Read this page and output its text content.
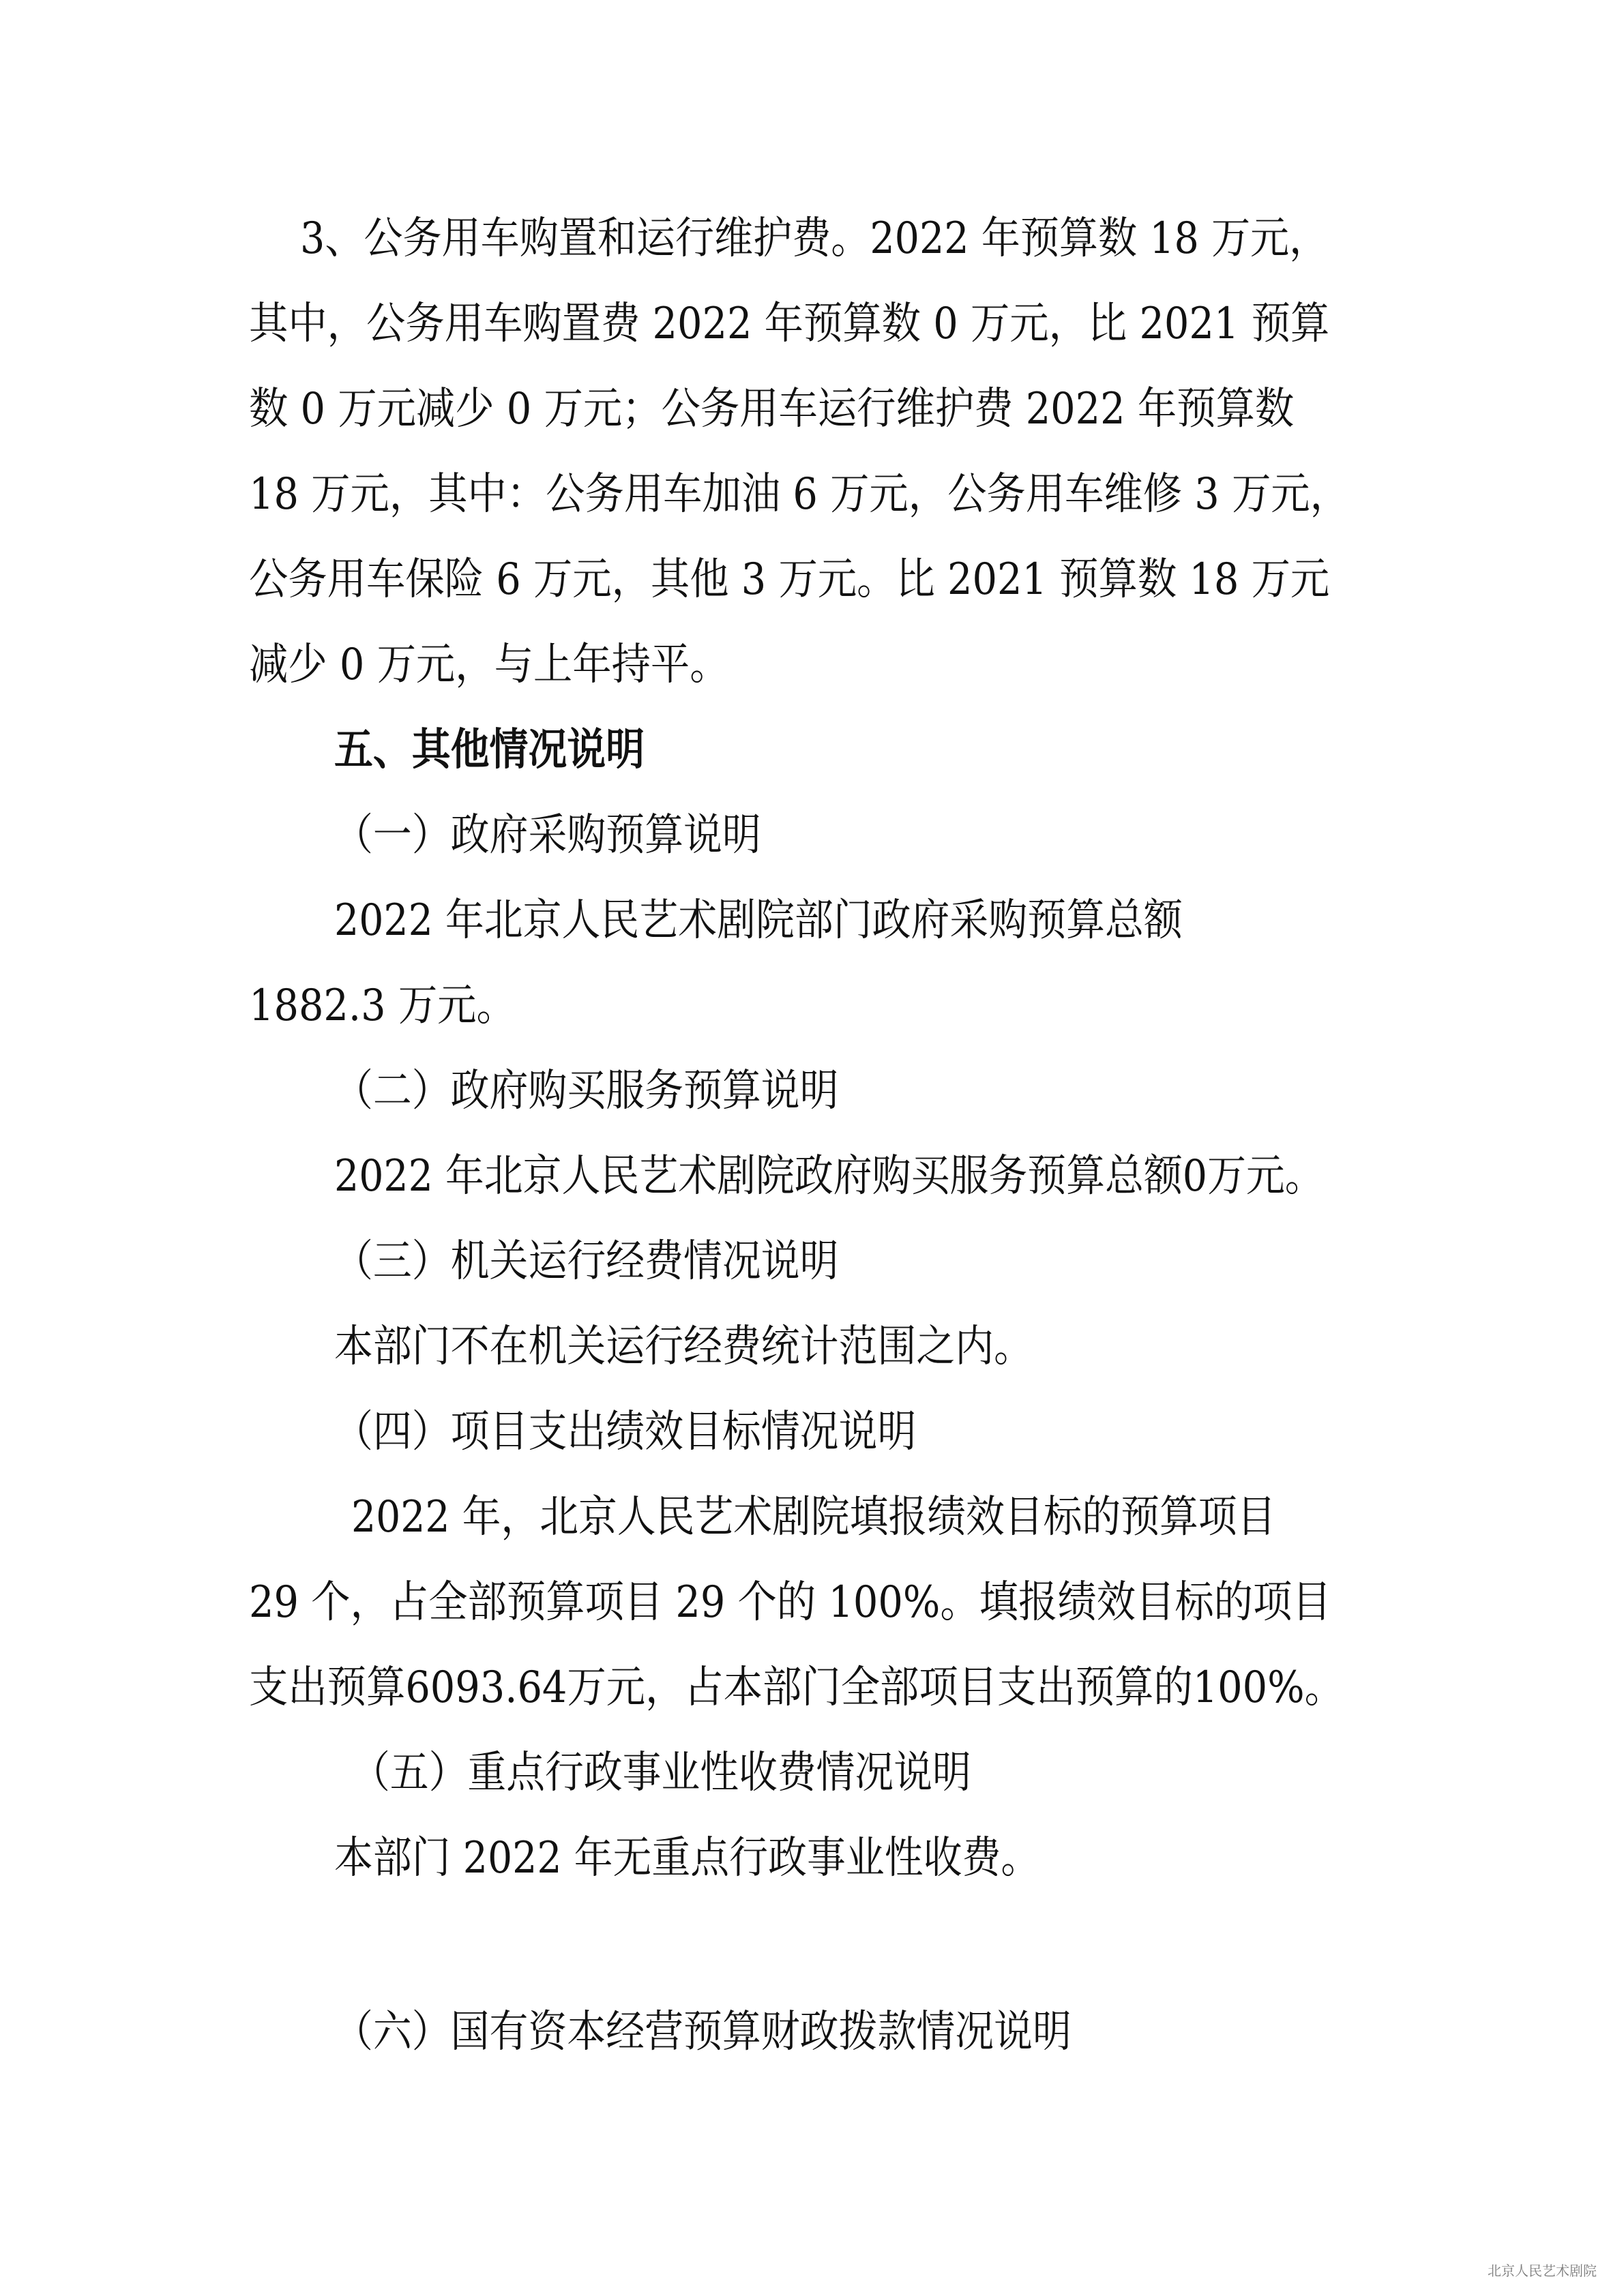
3、公务用车购置和运行维护费。2022 年预算数 18 万元，
其中，公务用车购置费 2022 年预算数 0 万元，比 2021 预算
数 0 万元减少 0 万元；公务用车运行维护费 2022 年预算数
18 万元，其中：公务用车加油 6 万元，公务用车维修 3 万元，
公务用车保险 6 万元，其他 3 万元。比 2021 预算数 18 万元
减少 0 万元，与上年持平。
五、其他情况说明
（一）政府采购预算说明
2022 年北京人民艺术剧院部门政府采购预算总额
1882.3 万元。
（二）政府购买服务预算说明
2022 年北京人民艺术剧院政府购买服务预算总额0万元。
（三）机关运行经费情况说明
本部门不在机关运行经费统计范围之内。
（四）项目支出绩效目标情况说明
2022 年，北京人民艺术剧院填报绩效目标的预算项目
29 个，占全部预算项目 29 个的 100%。填报绩效目标的项目
支出预算6093.64万元，占本部门全部项目支出预算的100%。
（五）重点行政事业性收费情况说明
本部门 2022 年无重点行政事业性收费。
（六）国有资本经营预算财政拨款情况说明
北京人民艺术剧院
